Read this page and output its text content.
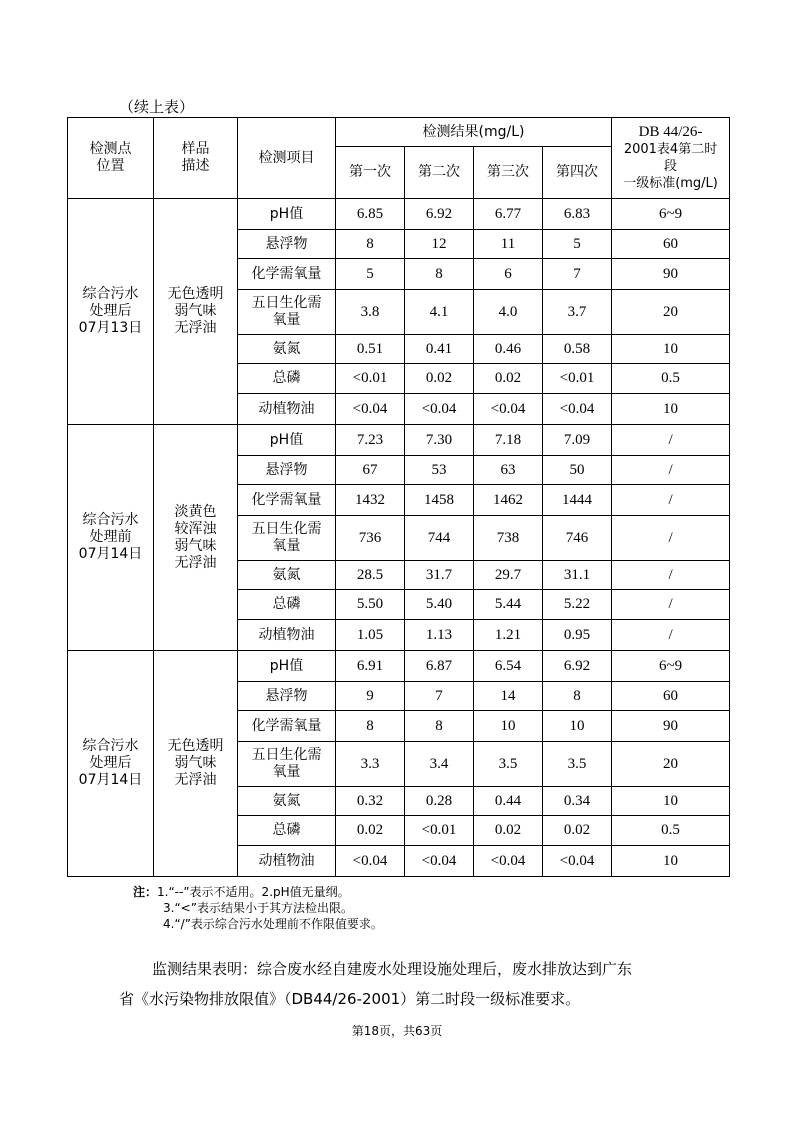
（续上表）
检测点
位置	样品
描述	检测项目	检测结果(mg/L)				DB 44/26-
2001表4第二时
段
一级标准(mg/L)
			第一次	第二次	第三次	第四次	
综合污水
处理后
07月13日	无色透明
弱气味
无浮油	pH值	6.85	6.92	6.77	6.83	6~9
		悬浮物	8	12	11	5	60
		化学需氧量	5	8	6	7	90
		五日生化需
氧量	3.8	4.1	4.0	3.7	20
		氨氮	0.51	0.41	0.46	0.58	10
		总磷	<0.01	0.02	0.02	<0.01	0.5
		动植物油	<0.04	<0.04	<0.04	<0.04	10
综合污水
处理前
07月14日	淡黄色
较浑浊
弱气味
无浮油	pH值	7.23	7.30	7.18	7.09	/
		悬浮物	67	53	63	50	/
		化学需氧量	1432	1458	1462	1444	/
		五日生化需
氧量	736	744	738	746	/
		氨氮	28.5	31.7	29.7	31.1	/
		总磷	5.50	5.40	5.44	5.22	/
		动植物油	1.05	1.13	1.21	0.95	/
综合污水
处理后
07月14日	无色透明
弱气味
无浮油	pH值	6.91	6.87	6.54	6.92	6~9
		悬浮物	9	7	14	8	60
		化学需氧量	8	8	10	10	90
		五日生化需
氧量	3.3	3.4	3.5	3.5	20
		氨氮	0.32	0.28	0.44	0.34	10
		总磷	0.02	<0.01	0.02	0.02	0.5
		动植物油	<0.04	<0.04	<0.04	<0.04	10
注：1.“--”表示不适用。2.pH值无量纲。
3.“<”表示结果小于其方法检出限。
4.“/”表示综合污水处理前不作限值要求。
监测结果表明：综合废水经自建废水处理设施处理后，废水排放达到广东
省《水污染物排放限值》（DB44/26-2001）第二时段一级标准要求。
第18页，共63页
